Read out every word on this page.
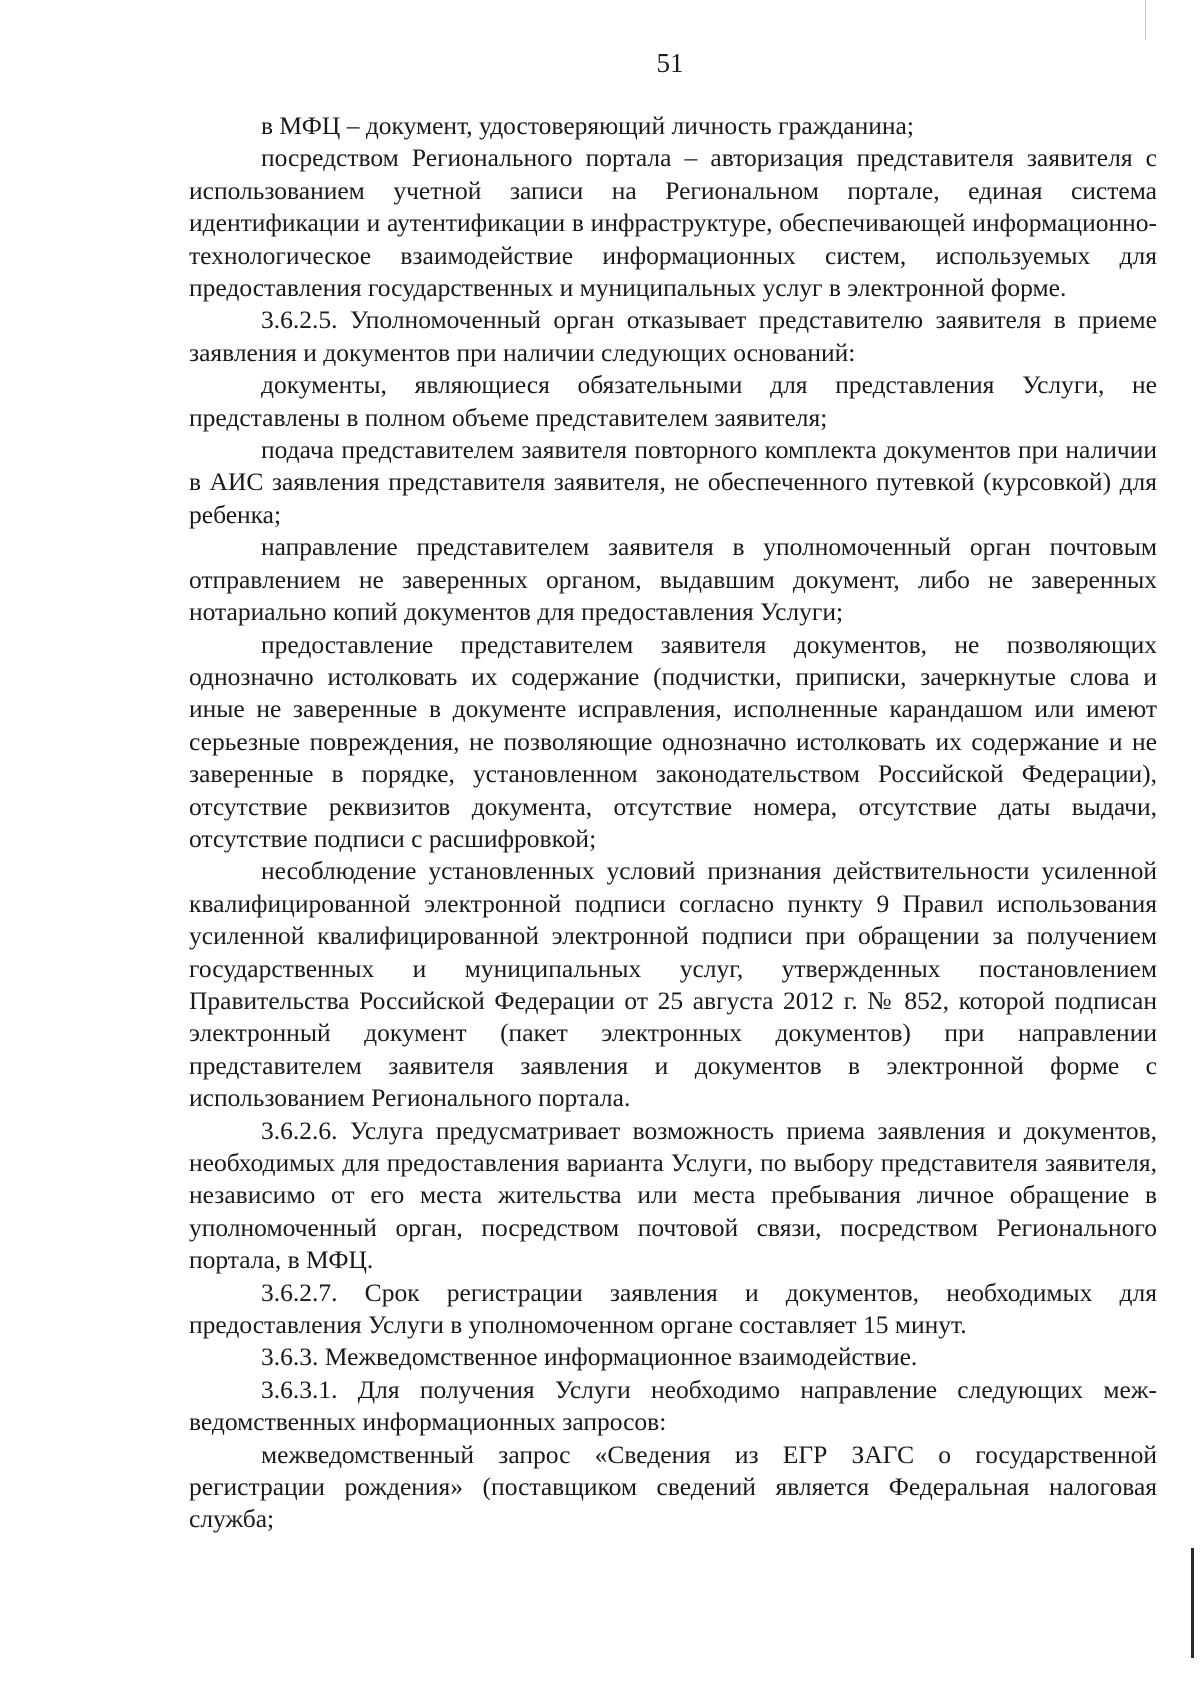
51

в МФЦ – документ, удостоверяющий личность гражданина;

посредством Регионального портала – авторизация представителя заявителя с использованием учетной записи на Региональном портале, единая система идентификации и аутентификации в инфраструктуре, обеспечивающей информационно-технологическое взаимодействие информационных систем, используемых для предоставления государственных и муниципальных услуг в электронной форме.

3.6.2.5. Уполномоченный орган отказывает представителю заявителя в приеме заявления и документов при наличии следующих оснований:

документы, являющиеся обязательными для представления Услуги, не представлены в полном объеме представителем заявителя;

подача представителем заявителя повторного комплекта документов при наличии в АИС заявления представителя заявителя, не обеспеченного путевкой (курсовкой) для ребенка;

направление представителем заявителя в уполномоченный орган почтовым отправлением не заверенных органом, выдавшим документ, либо не заверенных нотариально копий документов для предоставления Услуги;

предоставление представителем заявителя документов, не позволяющих однозначно истолковать их содержание (подчистки, приписки, зачеркнутые слова и иные не заверенные в документе исправления, исполненные карандашом или имеют серьезные повреждения, не позволяющие однозначно истолковать их содержание и не заверенные в порядке, установленном законодательством Российской Федерации), отсутствие реквизитов документа, отсутствие номера, отсутствие даты выдачи, отсутствие подписи с расшифровкой;

несоблюдение установленных условий признания действительности усиленной квалифицированной электронной подписи согласно пункту 9 Правил использования усиленной квалифицированной электронной подписи при обращении за получением государственных и муниципальных услуг, утвержденных постановлением Правительства Российской Федерации от 25 августа 2012 г. № 852, которой подписан электронный документ (пакет электронных документов) при направлении представителем заявителя заявления и документов в электронной форме с использованием Регионального портала.

3.6.2.6. Услуга предусматривает возможность приема заявления и документов, необходимых для предоставления варианта Услуги, по выбору представителя заявителя, независимо от его места жительства или места пребывания личное обращение в уполномоченный орган, посредством почтовой связи, посредством Регионального портала, в МФЦ.

3.6.2.7. Срок регистрации заявления и документов, необходимых для предоставления Услуги в уполномоченном органе составляет 15 минут.

3.6.3. Межведомственное информационное взаимодействие.

3.6.3.1. Для получения Услуги необходимо направление следующих межведомственных информационных запросов:

межведомственный запрос «Сведения из ЕГР ЗАГС о государственной регистрации рождения» (поставщиком сведений является Федеральная налоговая служба;
